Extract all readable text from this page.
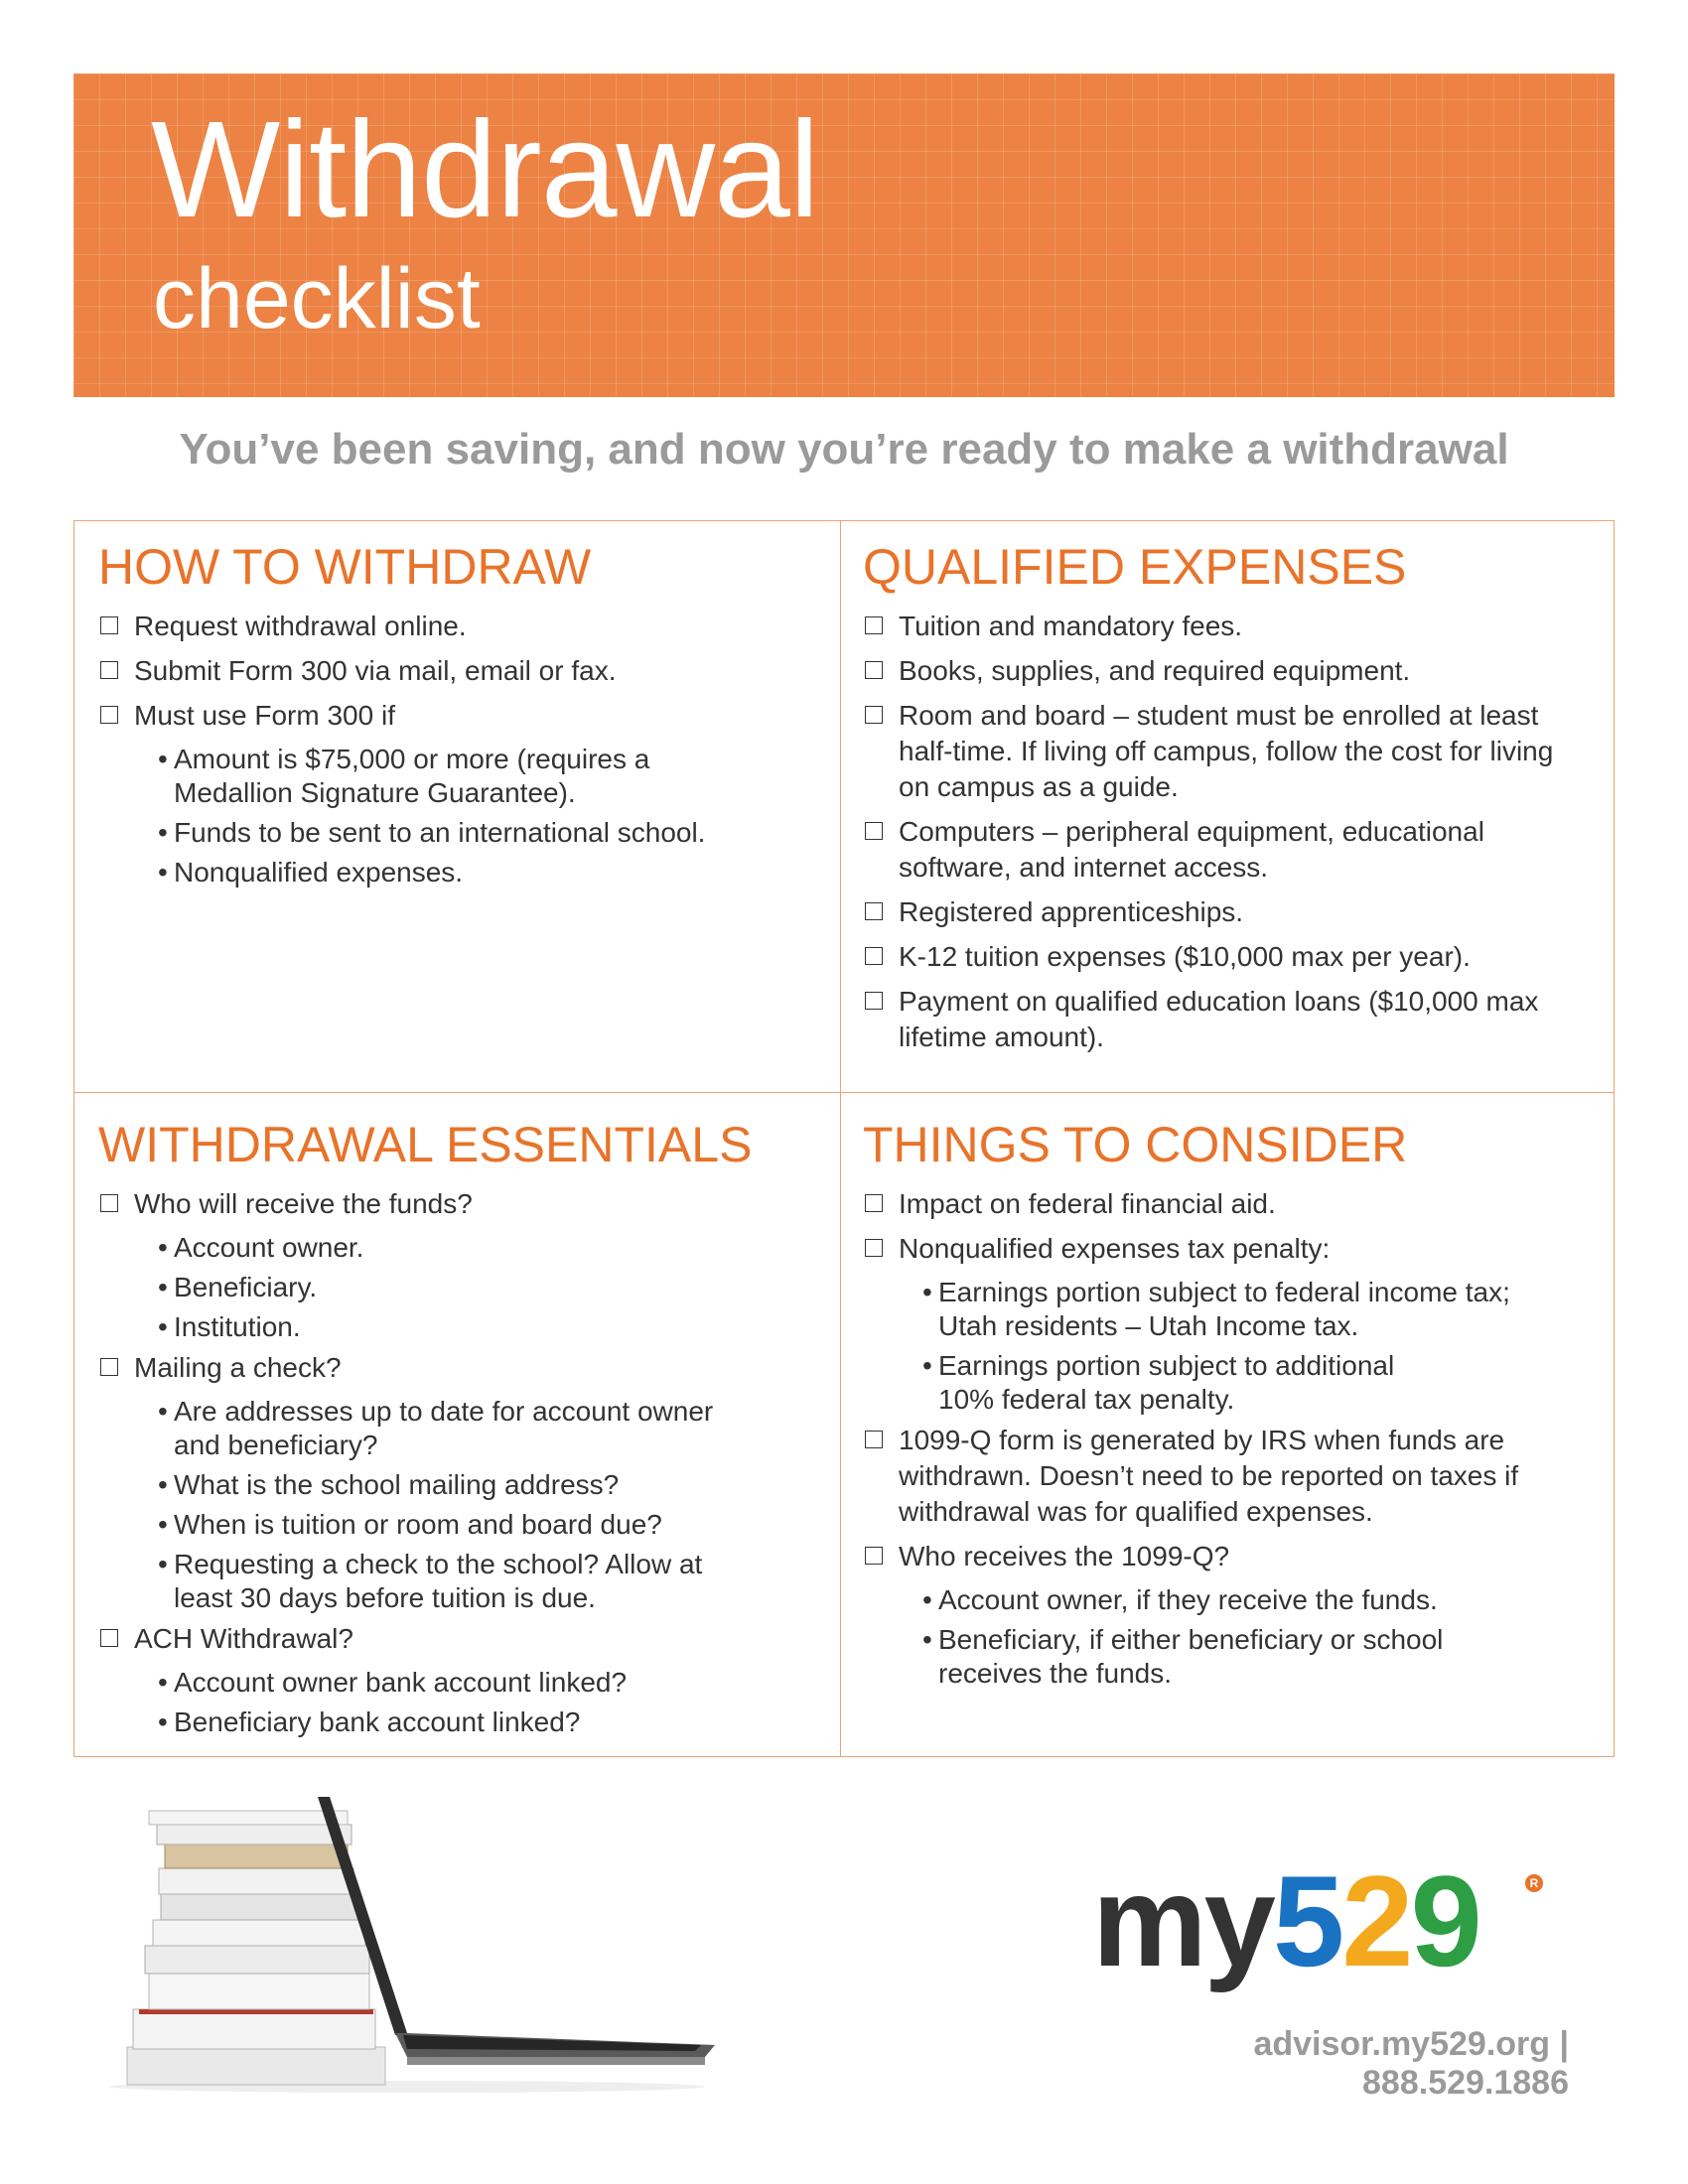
Withdrawal

checklist

You’ve been saving, and now you’re ready to make a withdrawal

HOW TO WITHDRAW
Request withdrawal online.
Submit Form 300 via mail, email or fax.
Must use Form 300 if
• Amount is $75,000 or more (requires a Medallion Signature Guarantee).
• Funds to be sent to an international school.
• Nonqualified expenses.
QUALIFIED EXPENSES
Tuition and mandatory fees.
Books, supplies, and required equipment.
Room and board – student must be enrolled at least half-time. If living off campus, follow the cost for living on campus as a guide.
Computers – peripheral equipment, educational software, and internet access.
Registered apprenticeships.
K-12 tuition expenses ($10,000 max per year).
Payment on qualified education loans ($10,000 max lifetime amount).
WITHDRAWAL ESSENTIALS
Who will receive the funds?
• Account owner.
• Beneficiary.
• Institution.
Mailing a check?
• Are addresses up to date for account owner and beneficiary?
• What is the school mailing address?
• When is tuition or room and board due?
• Requesting a check to the school? Allow at least 30 days before tuition is due.
ACH Withdrawal?
• Account owner bank account linked?
• Beneficiary bank account linked?
THINGS TO CONSIDER
Impact on federal financial aid.
Nonqualified expenses tax penalty:
• Earnings portion subject to federal income tax; Utah residents – Utah Income tax.
• Earnings portion subject to additional 10% federal tax penalty.
1099-Q form is generated by IRS when funds are withdrawn. Doesn’t need to be reported on taxes if withdrawal was for qualified expenses.
Who receives the 1099-Q?
• Account owner, if they receive the funds.
• Beneficiary, if either beneficiary or school receives the funds.
my529	R

advisor.my529.org | 888.529.1886
